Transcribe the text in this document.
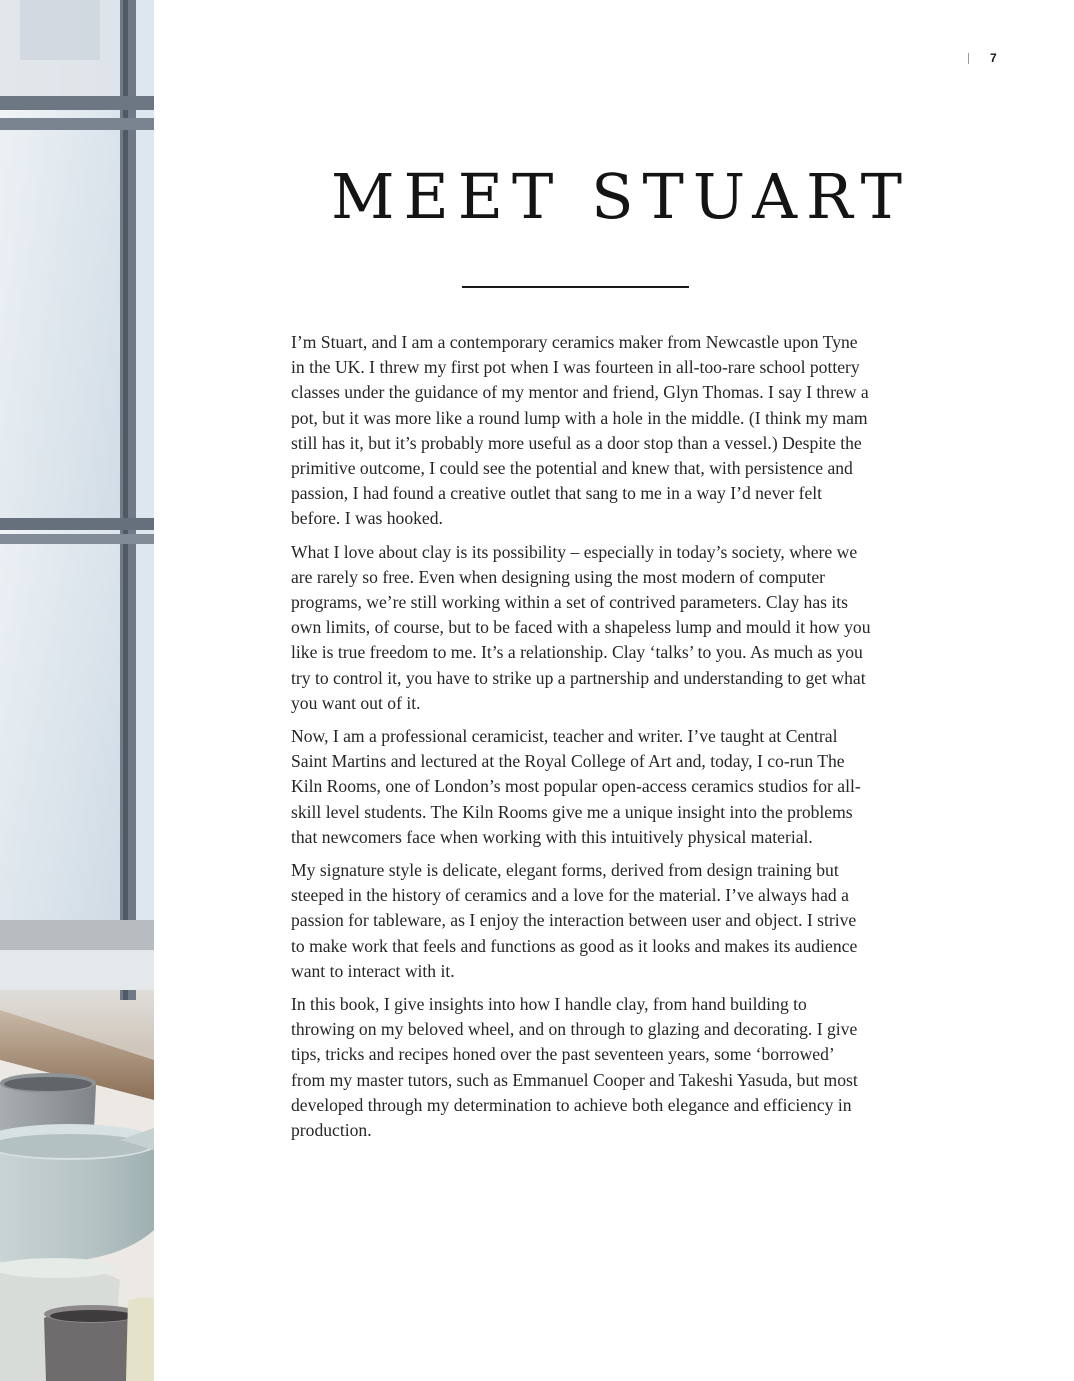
7
MEET STUART

I’m Stuart, and I am a contemporary ceramics maker from Newcastle upon Tyne in the UK. I threw my first pot when I was fourteen in all-too-rare school pottery classes under the guidance of my mentor and friend, Glyn Thomas. I say I threw a pot, but it was more like a round lump with a hole in the middle. (I think my mam still has it, but it’s probably more useful as a door stop than a vessel.) Despite the primitive outcome, I could see the potential and knew that, with persistence and passion, I had found a creative outlet that sang to me in a way I’d never felt before. I was hooked.

What I love about clay is its possibility – especially in today’s society, where we are rarely so free. Even when designing using the most modern of computer programs, we’re still working within a set of contrived parameters. Clay has its own limits, of course, but to be faced with a shapeless lump and mould it how you like is true freedom to me. It’s a relationship. Clay ‘talks’ to you. As much as you try to control it, you have to strike up a partnership and understanding to get what you want out of it.

Now, I am a professional ceramicist, teacher and writer. I’ve taught at Central Saint Martins and lectured at the Royal College of Art and, today, I co-run The Kiln Rooms, one of London’s most popular open-access ceramics studios for all-skill level students. The Kiln Rooms give me a unique insight into the problems that newcomers face when working with this intuitively physical material.

My signature style is delicate, elegant forms, derived from design training but steeped in the history of ceramics and a love for the material. I’ve always had a passion for tableware, as I enjoy the interaction between user and object. I strive to make work that feels and functions as good as it looks and makes its audience want to interact with it.

In this book, I give insights into how I handle clay, from hand building to throwing on my beloved wheel, and on through to glazing and decorating. I give tips, tricks and recipes honed over the past seventeen years, some ‘borrowed’ from my master tutors, such as Emmanuel Cooper and Takeshi Yasuda, but most developed through my determination to achieve both elegance and efficiency in production.
